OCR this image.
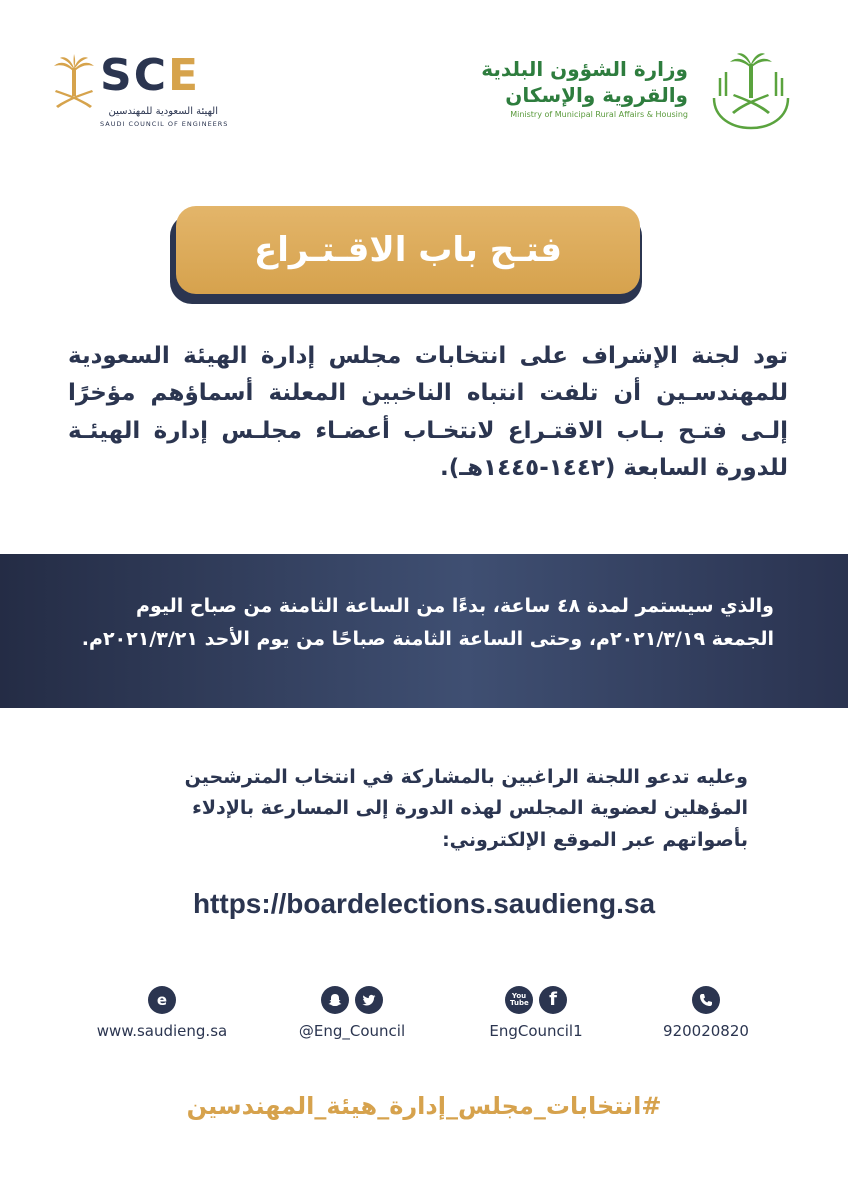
SCE
الهيئة السعودية للمهندسين
SAUDI COUNCIL OF ENGINEERS
وزارة الشؤون البلدية
والقروية والإسكان
Ministry of Municipal Rural Affairs & Housing
فتـح باب الاقـتـراع
تود لجنة الإشراف على انتخابات مجلس إدارة الهيئة السعودية للمهندسـين أن تلفت انتباه الناخبين المعلنة أسماؤهم مؤخرًا إلـى فتـح بـاب الاقتـراع لانتخـاب أعضـاء مجلـس إدارة الهيئـة للدورة السابعة (١٤٤٢-١٤٤٥هـ).
والذي سيستمر لمدة ٤٨ ساعة، بدءًا من الساعة الثامنة من صباح اليوم
الجمعة ٢٠٢١/٣/١٩م، وحتى الساعة الثامنة صباحًا من يوم الأحد ٢٠٢١/٣/٢١م.
وعليه تدعو اللجنة الراغبين بالمشاركة في انتخاب المترشحين
المؤهلين لعضوية المجلس لهذه الدورة إلى المسارعة بالإدلاء
بأصواتهم عبر الموقع الإلكتروني:
https://boardelections.saudieng.sa
e
www.saudieng.sa	@Eng_Council
You Tube	f
EngCouncil1	920020820
#انتخابات_مجلس_إدارة_هيئة_المهندسين
